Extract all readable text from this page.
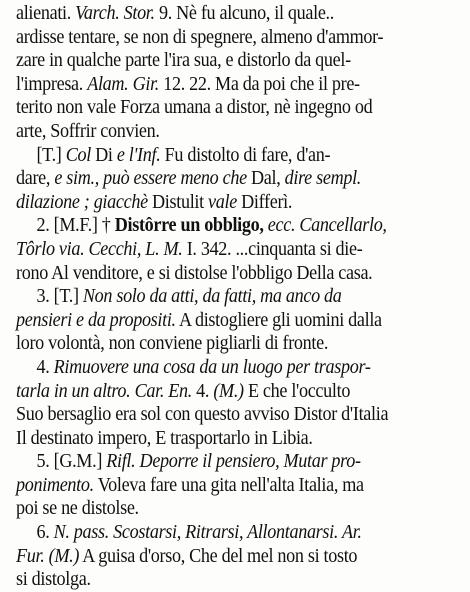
alienati. Varch. Stor. 9. Nè fu alcuno, il quale..
ardisse tentare, se non di spegnere, almeno d'ammor-
zare in qualche parte l'ira sua, e distorlo da quel-
l'impresa. Alam. Gir. 12. 22. Ma da poi che il pre-
terito non vale Forza umana a distor, nè ingegno od
arte, Soffrir convien.
[T.] Col Di e l'Inf. Fu distolto di fare, d'an-
dare, e sim., può essere meno che Dal, dire sempl.
dilazione ; giacchè Distulit vale Differì.
2. [M.F.] † Distôrre un obbligo, ecc. Cancellarlo,
Tôrlo via. Cecchi, L. M. I. 342. ...cinquanta si die-
rono Al venditore, e si distolse l'obbligo Della casa.
3. [T.] Non solo da atti, da fatti, ma anco da
pensieri e da propositi. A distogliere gli uomini dalla
loro volontà, non conviene pigliarli di fronte.
4. Rimuovere una cosa da un luogo per traspor-
tarla in un altro. Car. En. 4. (M.) E che l'occulto
Suo bersaglio era sol con questo avviso Distor d'Italia
Il destinato impero, E trasportarlo in Libia.
5. [G.M.] Rifl. Deporre il pensiero, Mutar pro-
ponimento. Voleva fare una gita nell'alta Italia, ma
poi se ne distolse.
6. N. pass. Scostarsi, Ritrarsi, Allontanarsi. Ar.
Fur. (M.) A guisa d'orso, Che del mel non si tosto
si distolga.
